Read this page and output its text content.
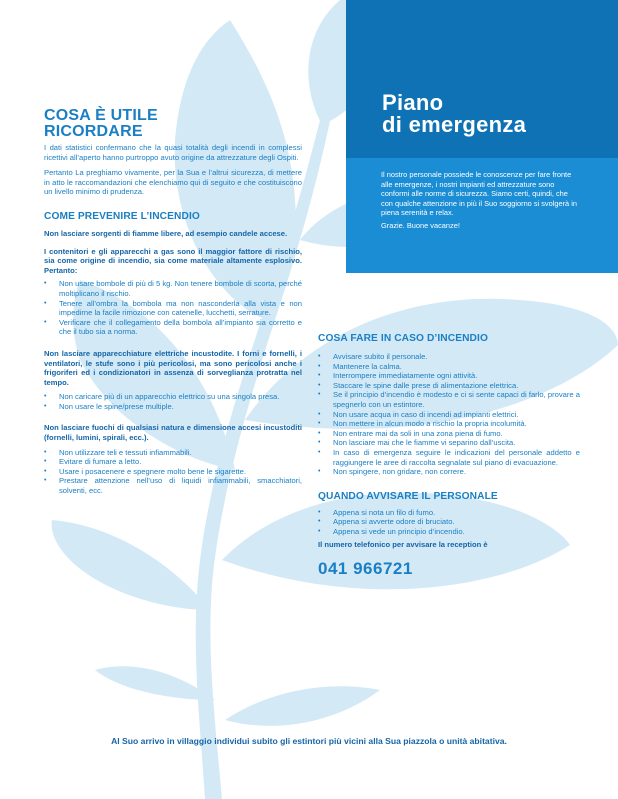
Piano
di emergenza

Il nostro personale possiede le conoscenze per fare fronte alle emergenze, i nostri impianti ed attrezzature sono conformi alle norme di sicurezza. Siamo certi, quindi, che con qualche attenzione in più il Suo soggiorno si svolgerà in piena serenità e relax.

Grazie. Buone vacanze!

COSA È UTILE
RICORDARE

I dati statistici confermano che la quasi totalità degli incendi in complessi ricettivi all’aperto hanno purtroppo avuto origine da attrezzature degli Ospiti.

Pertanto La preghiamo vivamente, per la Sua e l’altrui sicurezza, di mettere in atto le raccomandazioni che elenchiamo qui di seguito e che costituiscono un livello minimo di prudenza.

COME PREVENIRE L’INCENDIO

Non lasciare sorgenti di fiamme libere, ad esempio candele accese.

I contenitori e gli apparecchi a gas sono il maggior fattore di rischio, sia come origine di incendio, sia come materiale altamente esplosivo. Pertanto:

• Non usare bombole di più di 5 kg. Non tenere bombole di scorta, perché moltiplicano il rischio.
• Tenere all’ombra la bombola ma non nasconderla alla vista e non impedirne la facile rimozione con catenelle, lucchetti, serrature.
• Verificare che il collegamento della bombola all’impianto sia corretto e che il tubo sia a norma.

Non lasciare apparecchiature elettriche incustodite. I forni e fornelli, i ventilatori, le stufe sono i più pericolosi, ma sono pericolosi anche i frigoriferi ed i condizionatori in assenza di sorveglianza protratta nel tempo.

• Non caricare più di un apparecchio elettrico su una singola presa.
• Non usare le spine/prese multiple.

Non lasciare fuochi di qualsiasi natura e dimensione accesi incustoditi (fornelli, lumini, spirali, ecc.).

• Non utilizzare teli e tessuti infiammabili.
• Evitare di fumare a letto.
• Usare i posacenere e spegnere molto bene le sigarette.
• Prestare attenzione nell’uso di liquidi infiammabili, smacchiatori, solventi, ecc.
COSA FARE IN CASO D’INCENDIO
• Avvisare subito il personale.
• Mantenere la calma.
• Interrompere immediatamente ogni attività.
• Staccare le spine dalle prese di alimentazione elettrica.
• Se il principio d’incendio è modesto e ci si sente capaci di farlo, provare a spegnerlo con un estintore.
• Non usare acqua in caso di incendi ad impianti elettrici.
• Non mettere in alcun modo a rischio la propria incolumità.
• Non entrare mai da soli in una zona piena di fumo.
• Non lasciare mai che le fiamme vi separino dall’uscita.
• In caso di emergenza seguire le indicazioni del personale addetto e raggiungere le aree di raccolta segnalate sul piano di evacuazione.
• Non spingere, non gridare, non correre.
QUANDO AVVISARE IL PERSONALE
• Appena si nota un filo di fumo.
• Appena si avverte odore di bruciato.
• Appena si vede un principio d’incendio.

Il numero telefonico per avvisare la reception è

041 966721
Al Suo arrivo in villaggio individui subito gli estintori più vicini alla Sua piazzola o unità abitativa.
